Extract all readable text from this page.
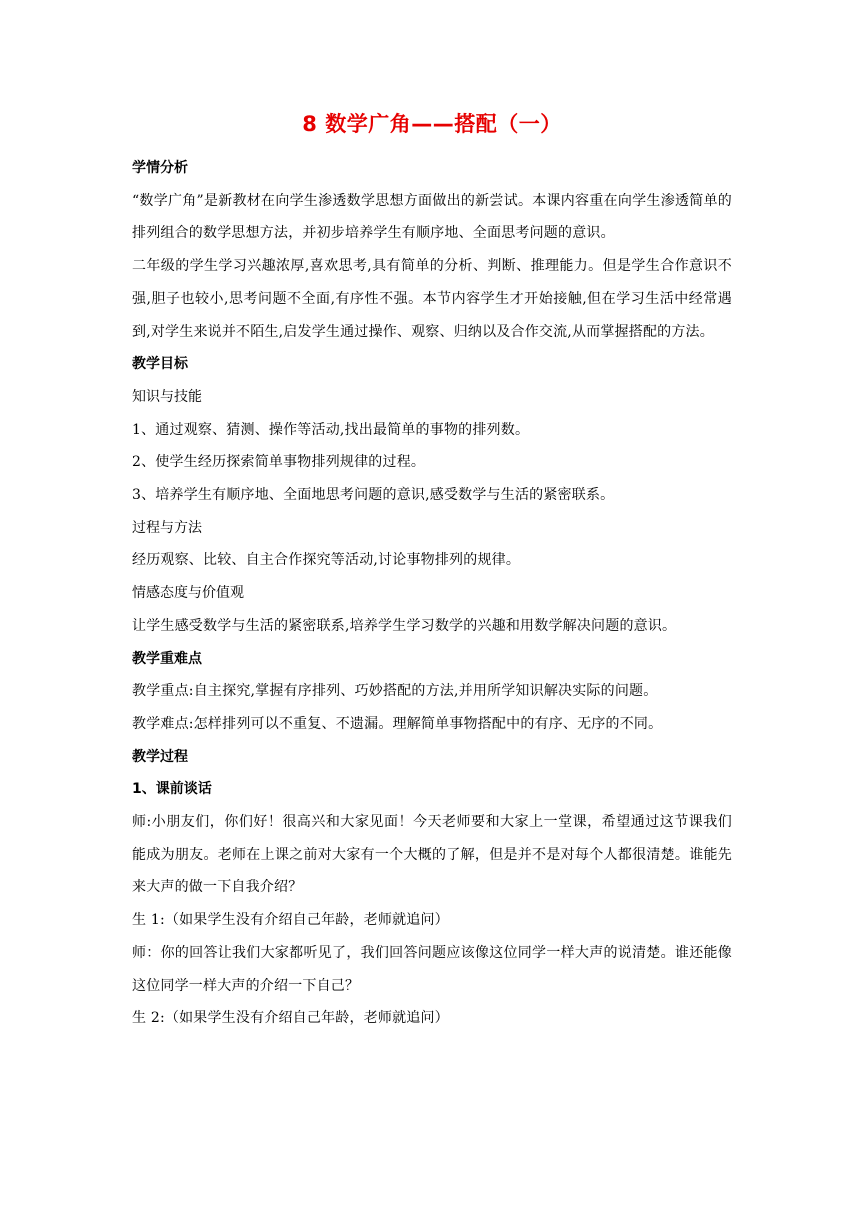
8 数学广角——搭配（一）
学情分析

“数学广角”是新教材在向学生渗透数学思想方面做出的新尝试。本课内容重在向学生渗透简单的排列组合的数学思想方法，并初步培养学生有顺序地、全面思考问题的意识。

二年级的学生学习兴趣浓厚,喜欢思考,具有简单的分析、判断、推理能力。但是学生合作意识不强,胆子也较小,思考问题不全面,有序性不强。本节内容学生才开始接触,但在学习生活中经常遇到,对学生来说并不陌生,启发学生通过操作、观察、归纳以及合作交流,从而掌握搭配的方法。

教学目标
知识与技能

1、通过观察、猜测、操作等活动,找出最简单的事物的排列数。

2、使学生经历探索简单事物排列规律的过程。

3、培养学生有顺序地、全面地思考问题的意识,感受数学与生活的紧密联系。

过程与方法

经历观察、比较、自主合作探究等活动,讨论事物排列的规律。

情感态度与价值观

让学生感受数学与生活的紧密联系,培养学生学习数学的兴趣和用数学解决问题的意识。

教学重难点

教学重点:自主探究,掌握有序排列、巧妙搭配的方法,并用所学知识解决实际的问题。

教学难点:怎样排列可以不重复、不遗漏。理解简单事物搭配中的有序、无序的不同。

教学过程
1、课前谈话

师:小朋友们，你们好！很高兴和大家见面！今天老师要和大家上一堂课，希望通过这节课我们能成为朋友。老师在上课之前对大家有一个大概的了解，但是并不是对每个人都很清楚。谁能先来大声的做一下自我介绍？

生 1:（如果学生没有介绍自己年龄，老师就追问）

师：你的回答让我们大家都听见了，我们回答问题应该像这位同学一样大声的说清楚。谁还能像这位同学一样大声的介绍一下自己？

生 2:（如果学生没有介绍自己年龄，老师就追问）
